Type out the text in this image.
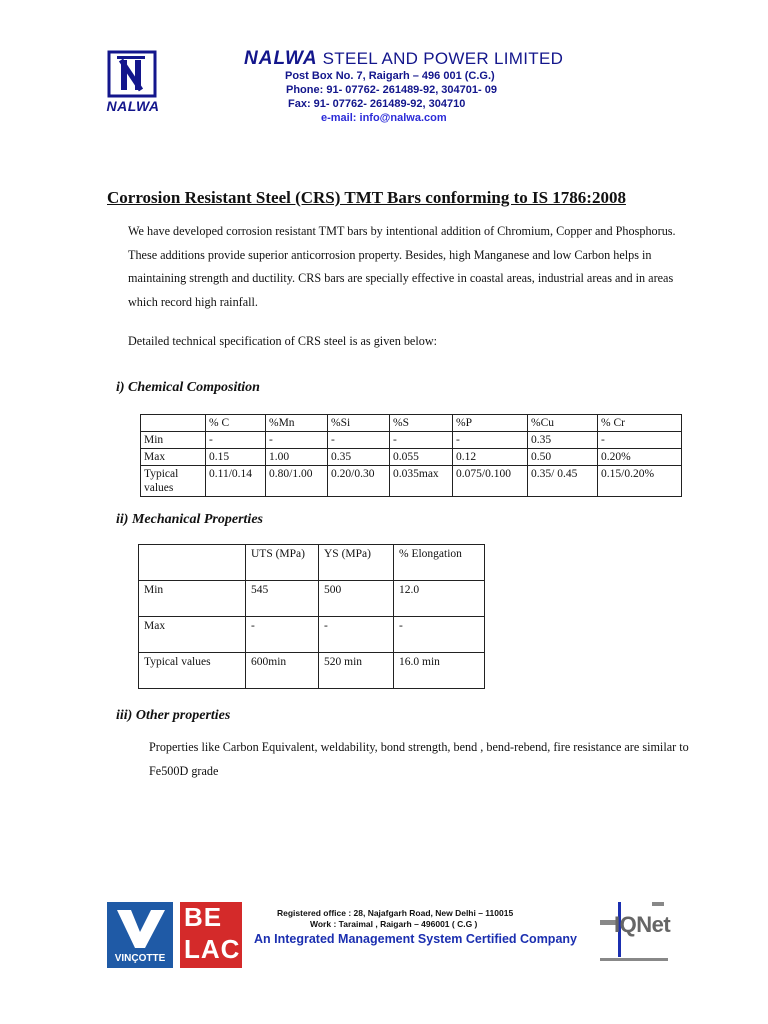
NALWA
NALWA STEEL AND POWER LIMITED
Post Box No. 7, Raigarh – 496 001 (C.G.)
Phone: 91- 07762- 261489-92, 304701- 09
Fax: 91- 07762- 261489-92, 304710
e-mail: info@nalwa.com
Corrosion Resistant Steel (CRS) TMT Bars conforming to IS 1786:2008
We have developed corrosion resistant TMT bars by intentional addition of Chromium, Copper and Phosphorus. These additions provide superior anticorrosion property. Besides, high Manganese and low Carbon helps in maintaining strength and ductility. CRS bars are specially effective in coastal areas, industrial areas and in areas which record high rainfall.
Detailed technical specification of CRS steel is as given below:
i) Chemical Composition
	% C	%Mn	%Si	%S	%P	%Cu	% Cr
Min	-	-	-	-	-	0.35	-
Max	0.15	1.00	0.35	0.055	0.12	0.50	0.20%
Typical values	0.11/0.14	0.80/1.00	0.20/0.30	0.035max	0.075/0.100	0.35/ 0.45	0.15/0.20%
ii) Mechanical Properties
	UTS (MPa)	YS (MPa)	% Elongation
Min	545	500	12.0
Max	-	-	-
Typical values	600min	520 min	16.0 min
iii) Other properties
Properties like Carbon Equivalent, weldability, bond strength, bend , bend-rebend, fire resistance are similar to Fe500D grade
VINÇOTTE
BE
LAC
Registered office : 28, Najafgarh Road, New Delhi – 110015
Work : Taraimal , Raigarh – 496001 ( C.G )
An Integrated Management System Certified Company
IQNet
